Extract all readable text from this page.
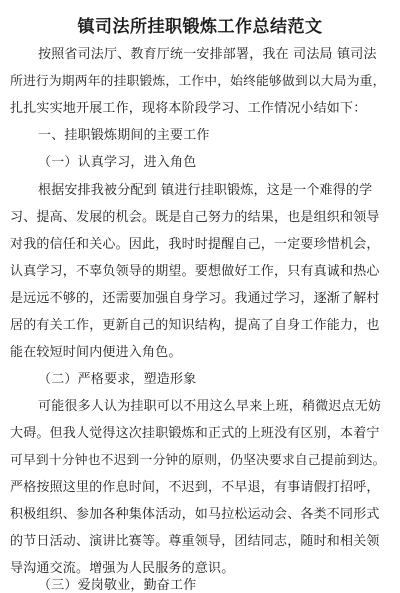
镇司法所挂职锻炼工作总结范文
按照省司法厅、教育厅统一安排部署，我在 司法局 镇司法
所进行为期两年的挂职锻炼，工作中，始终能够做到以大局为重，
扎扎实实地开展工作，现将本阶段学习、工作情况小结如下：
一、挂职锻炼期间的主要工作
（一）认真学习，进入角色
根据安排我被分配到 镇进行挂职锻炼，这是一个难得的学
习、提高、发展的机会。既是自己努力的结果，也是组织和领导
对我的信任和关心。因此，我时时提醒自己，一定要珍惜机会，
认真学习，不辜负领导的期望。要想做好工作，只有真诚和热心
是远远不够的，还需要加强自身学习。我通过学习，逐渐了解村
居的有关工作，更新自己的知识结构，提高了自身工作能力，也
能在较短时间内便进入角色。
（二）严格要求，塑造形象
可能很多人认为挂职可以不用这么早来上班，稍微迟点无妨
大碍。但我人觉得这次挂职锻炼和正式的上班没有区别，本着宁
可早到十分钟也不迟到一分钟的原则，仍坚决要求自己提前到达。
严格按照这里的作息时间，不迟到，不早退，有事请假打招呼，
积极组织、参加各种集体活动，如马拉松运动会、各类不同形式
的节日活动、演讲比赛等。尊重领导，团结同志，随时和相关领
导沟通交流。增强为人民服务的意识。
（三）爱岗敬业，勤奋工作
